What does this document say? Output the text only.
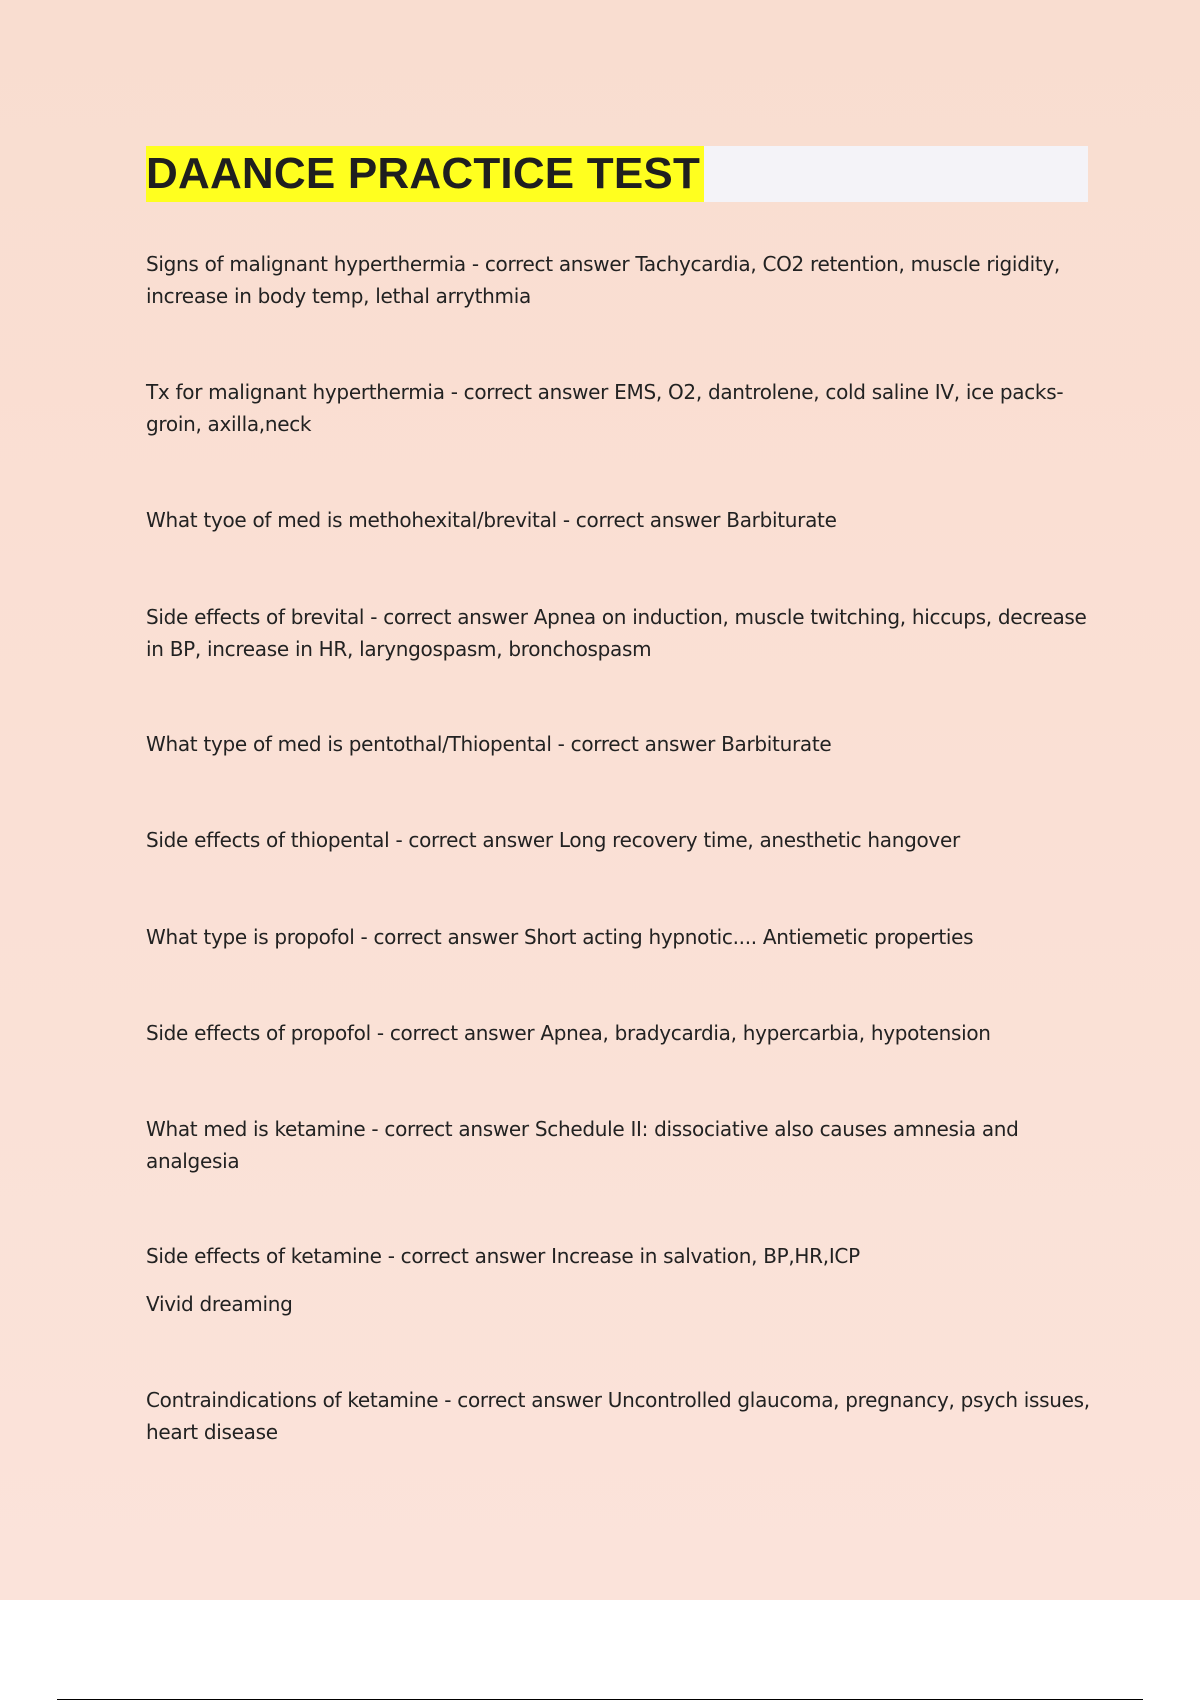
DAANCE PRACTICE TEST

Signs of malignant hyperthermia - correct answer Tachycardia, CO2 retention, muscle rigidity, increase in body temp, lethal arrythmia

Tx for malignant hyperthermia - correct answer EMS, O2, dantrolene, cold saline IV, ice packs- groin, axilla,neck

What tyoe of med is methohexital/brevital - correct answer Barbiturate

Side effects of brevital - correct answer Apnea on induction, muscle twitching, hiccups, decrease in BP, increase in HR, laryngospasm, bronchospasm

What type of med is pentothal/Thiopental - correct answer Barbiturate

Side effects of thiopental - correct answer Long recovery time, anesthetic hangover

What type is propofol - correct answer Short acting hypnotic.... Antiemetic properties

Side effects of propofol - correct answer Apnea, bradycardia, hypercarbia, hypotension

What med is ketamine - correct answer Schedule II: dissociative also causes amnesia and analgesia

Side effects of ketamine - correct answer Increase in salvation, BP,HR,ICP

Vivid dreaming

Contraindications of ketamine - correct answer Uncontrolled glaucoma, pregnancy, psych issues, heart disease
